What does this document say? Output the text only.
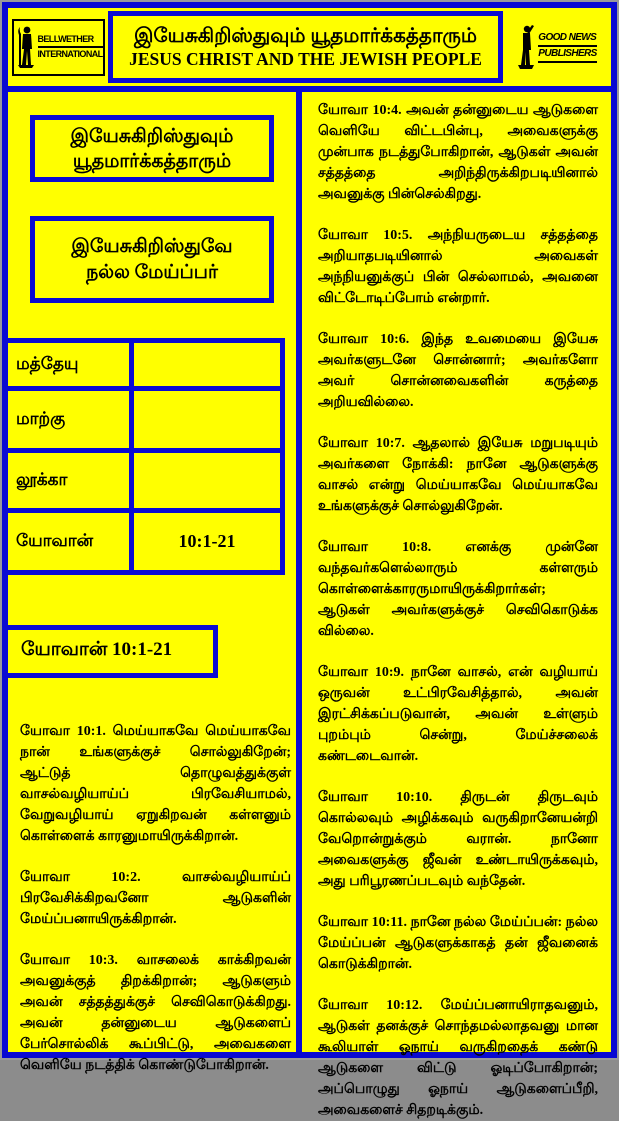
BELLWETHER
INTERNATIONAL
இயேசுகிறிஸ்துவும் யூதமார்க்கத்தாரும்
JESUS CHRIST AND THE JEWISH PEOPLE
GOOD NEWS
PUBLISHERS
இயேசுகிறிஸ்துவும்
யூதமார்க்கத்தாரும்
இயேசுகிறிஸ்துவே
நல்ல மேய்ப்பர்
மத்தேயு
மாற்கு
லூக்கா
யோவான்	10:1-21
யோவான் 10:1-21

யோவா 10:1. மெய்யாகவே மெய்யாகவே நான் உங்களுக்குச் சொல்லுகிறேன்; ஆட்டுத் தொழுவத்துக்குள் வாசல்வழியாய்ப் பிரவேசியாமல், வேறுவழியாய் ஏறுகிறவன் கள்ளனும் கொள்ளைக் காரனுமாயிருக்கிறான்.

யோவா 10:2. வாசல்வழியாய்ப் பிரவேசிக்கிறவனோ ஆடுகளின் மேய்ப்பனாயிருக்கிறான்.

யோவா 10:3. வாசலைக் காக்கிறவன் அவனுக்குத் திறக்கிறான்; ஆடுகளும் அவன் சத்தத்துக்குச் செவிகொடுக்கிறது. அவன் தன்னுடைய ஆடுகளைப் பேர்சொல்லிக் கூப்பிட்டு, அவைகளை வெளியே நடத்திக் கொண்டுபோகிறான்.

யோவா 10:4. அவன் தன்னுடைய ஆடுகளை வெளியே விட்டபின்பு, அவைகளுக்கு முன்பாக நடத்துபோகிறான், ஆடுகள் அவன் சத்தத்தை அறிந்திருக்கிறபடியினால் அவனுக்கு பின்செல்கிறது.

யோவா 10:5. அந்நியருடைய சத்தத்தை அறியாதபடியினால் அவைகள் அந்நியனுக்குப் பின் செல்லாமல், அவனை விட்டோடிப்போம் என்றார்.

யோவா 10:6. இந்த உவமையை இயேசு அவர்களுடனே சொன்னார்; அவர்களோ அவர் சொன்னவைகளின் கருத்தை அறியவில்லை.

யோவா 10:7. ஆதலால் இயேசு மறுபடியும் அவர்களை நோக்கி: நானே ஆடுகளுக்கு வாசல் என்று மெய்யாகவே மெய்யாகவே உங்களுக்குச் சொல்லுகிறேன்.

யோவா 10:8. எனக்கு முன்னே வந்தவர்களெல்லாரும் கள்ளரும் கொள்ளைக்காரருமாயிருக்கிறார்கள்; ஆடுகள் அவர்களுக்குச் செவிகொடுக்க வில்லை.

யோவா 10:9. நானே வாசல், என் வழியாய் ஒருவன் உட்பிரவேசித்தால், அவன் இரட்சிக்கப்படுவான், அவன் உள்ளும் புறம்பும் சென்று, மேய்ச்சலைக் கண்டடைவான்.

யோவா 10:10. திருடன் திருடவும் கொல்லவும் அழிக்கவும் வருகிறானேயன்றி வேறொன்றுக்கும் வரான். நானோ அவைகளுக்கு ஜீவன் உண்டாயிருக்கவும், அது பரிபூரணப்படவும் வந்தேன்.

யோவா 10:11. நானே நல்ல மேய்ப்பன்: நல்ல மேய்ப்பன் ஆடுகளுக்காகத் தன் ஜீவனைக் கொடுக்கிறான்.

யோவா 10:12. மேய்ப்பனாயிராதவனும், ஆடுகள் தனக்குச் சொந்தமல்லாதவனு மான கூலியாள் ஓநாய் வருகிறதைக் கண்டு ஆடுகளை விட்டு ஓடிப்போகிறான்; அப்பொழுது ஓநாய் ஆடுகளைப்பீறி, அவைகளைச் சிதறடிக்கும்.
